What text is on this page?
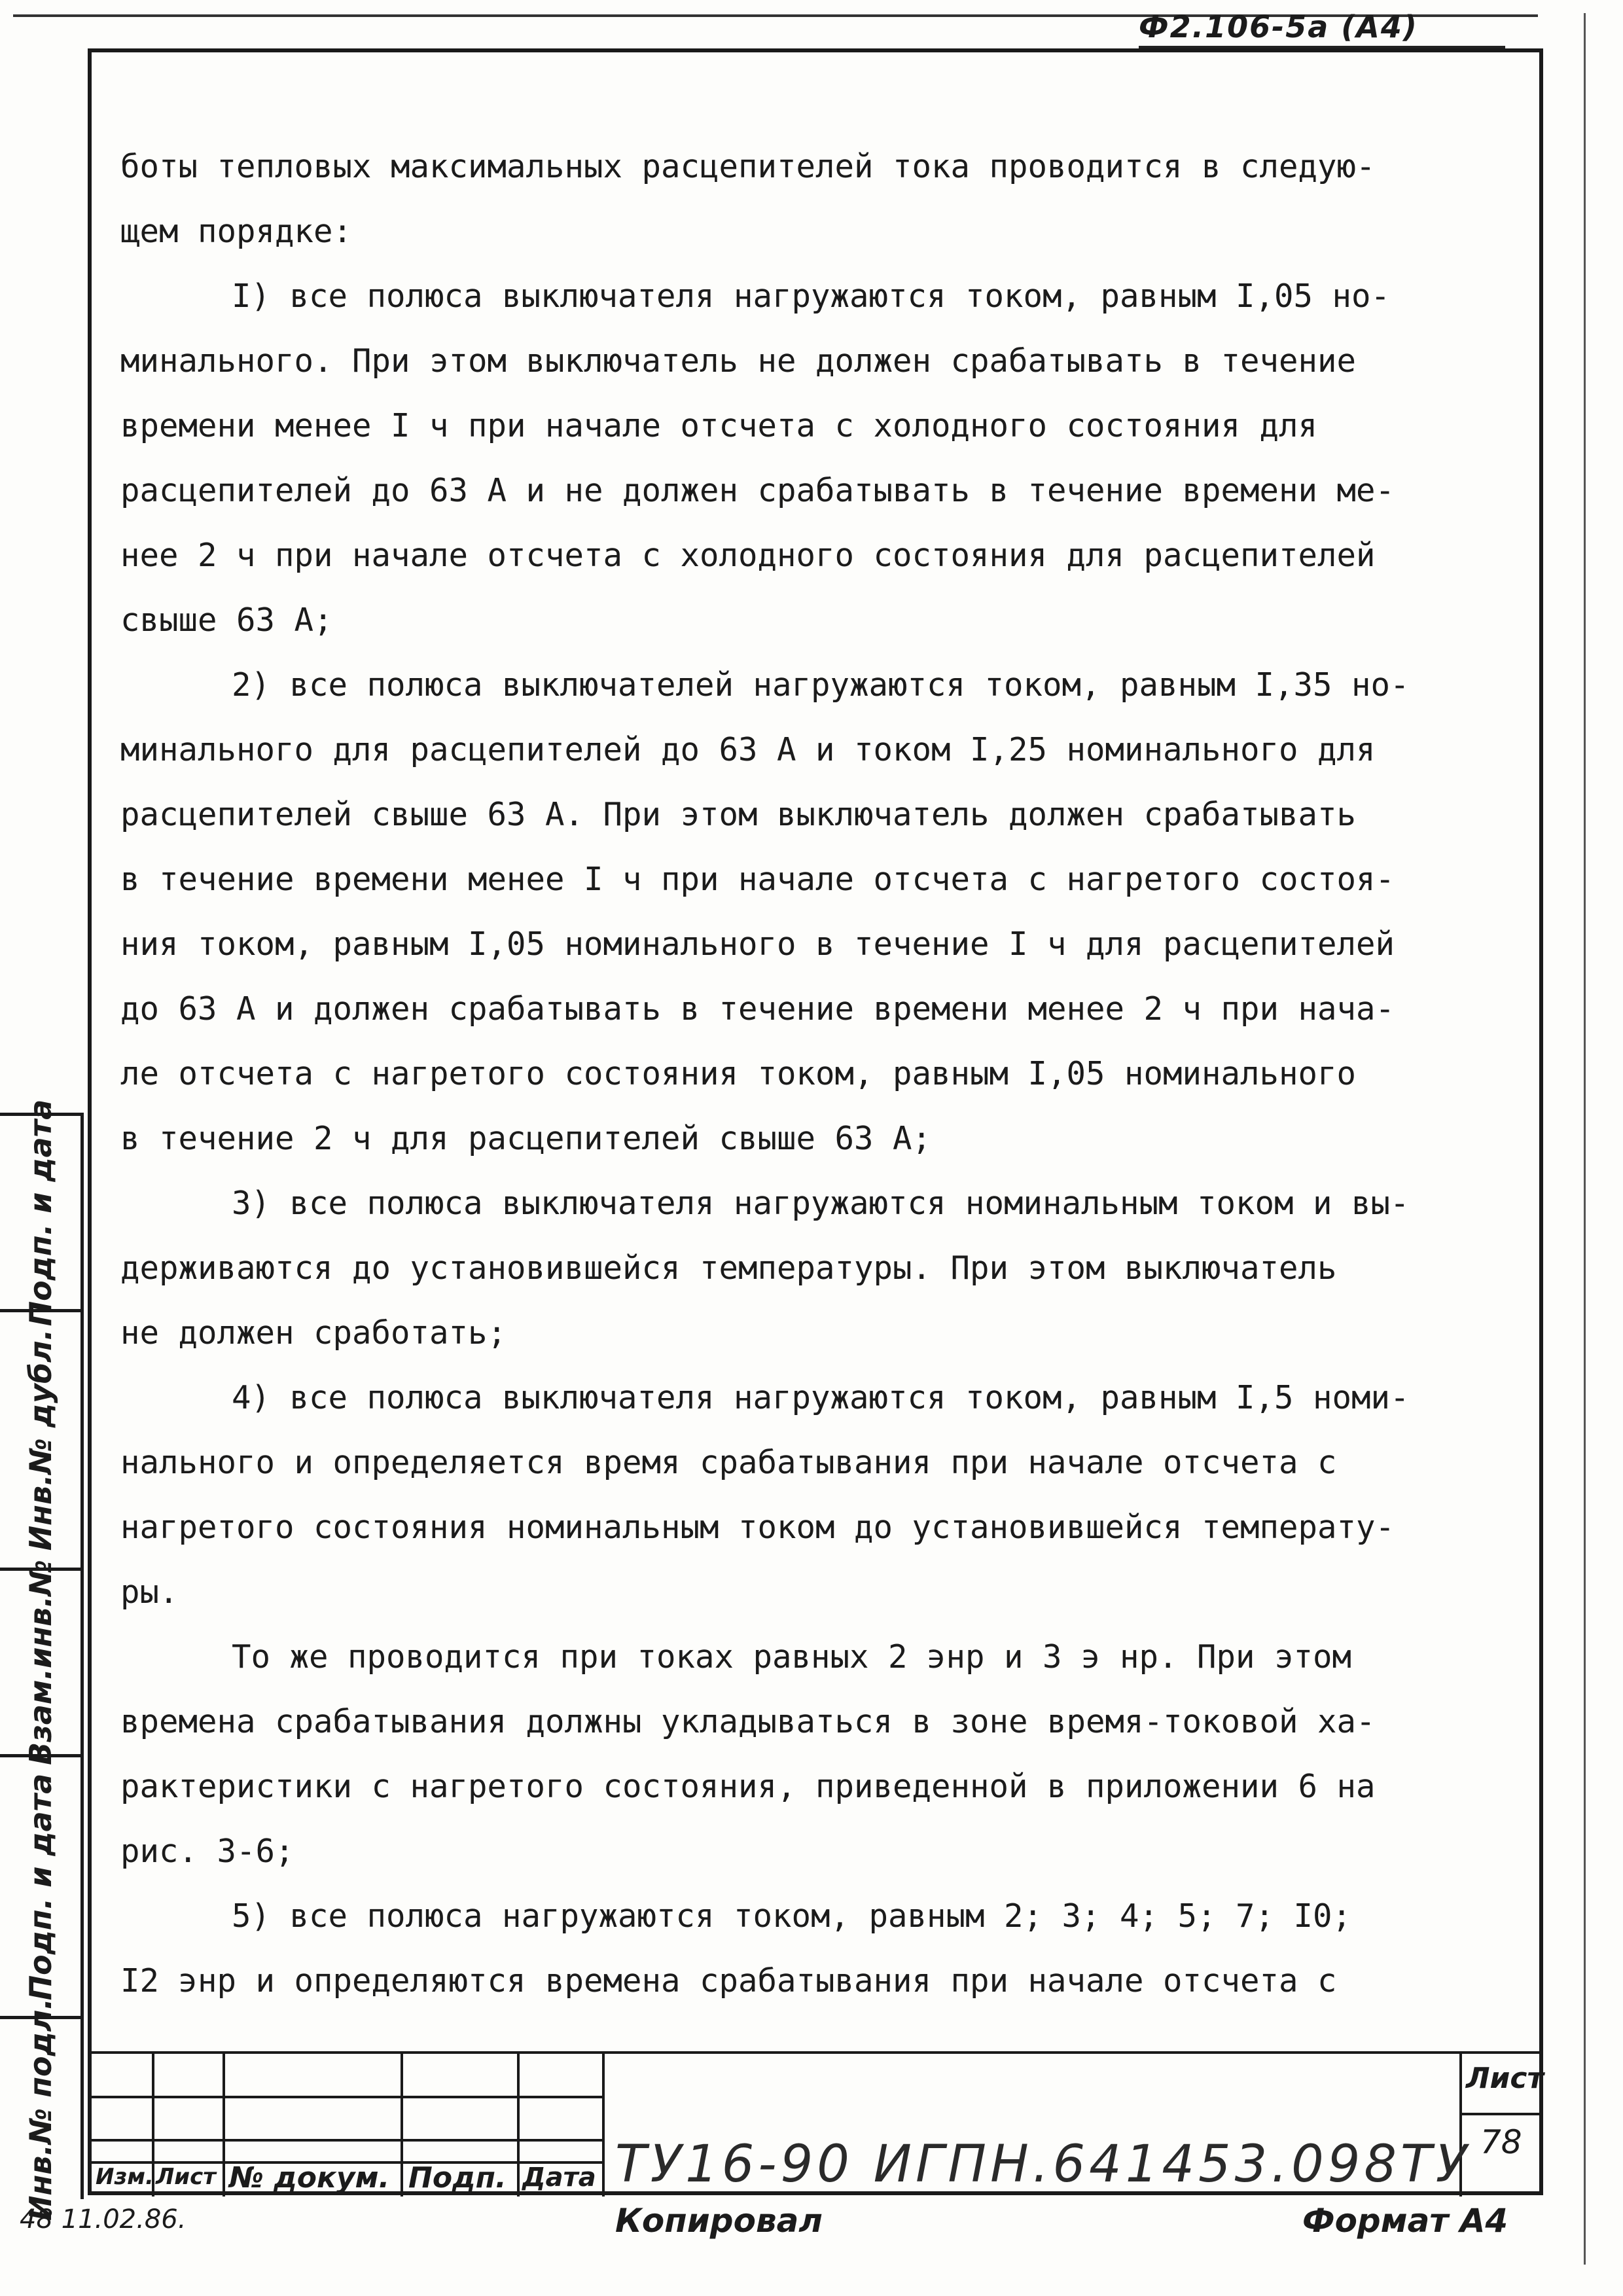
Ф2.106-5а (А4)
боты тепловых максимальных расцепителей тока проводится в следую-
щем порядке:
I) все полюса выключателя нагружаются током, равным I,05 но-
минального. При этом выключатель не должен срабатывать в течение
времени менее I ч при начале отсчета с холодного состояния для
расцепителей до 63 А и не должен срабатывать в течение времени ме-
нее 2 ч при начале отсчета с холодного состояния для расцепителей
свыше 63 А;
2) все полюса выключателей нагружаются током, равным I,35 но-
минального для расцепителей до 63 А и током I,25 номинального для
расцепителей свыше 63 А. При этом выключатель должен срабатывать
в течение времени менее I ч при начале отсчета с нагретого состоя-
ния током, равным I,05 номинального в течение I ч для расцепителей
до 63 А и должен срабатывать в течение времени менее 2 ч при нача-
ле отсчета с нагретого состояния током, равным I,05 номинального
в течение 2 ч для расцепителей свыше 63 А;
3) все полюса выключателя нагружаются номинальным током и вы-
держиваются до установившейся температуры. При этом выключатель
не должен сработать;
4) все полюса выключателя нагружаются током, равным I,5 номи-
нального и определяется время срабатывания при начале отсчета с
нагретого состояния номинальным током до установившейся температу-
ры.
То же проводится при токах равных 2 ϶нр и 3 ϶ нр. При этом
времена срабатывания должны укладываться в зоне время-токовой ха-
рактеристики с нагретого состояния, приведенной в приложении 6 на
рис. 3-6;
5) все полюса нагружаются током, равным 2; 3; 4; 5; 7; I0;
I2 ϶нр и определяются времена срабатывания при начале отсчета с
Подп. и дата
Инв.№ дубл.
Взам.инв.№
Подп. и дата
Инв.№ подл. Изм. Лист № докум. Подп. Дата ТУ16-90 ИГПН.641453.098ТУ
Лист
78
48 11.02.86.	Копировал	Формат А4
